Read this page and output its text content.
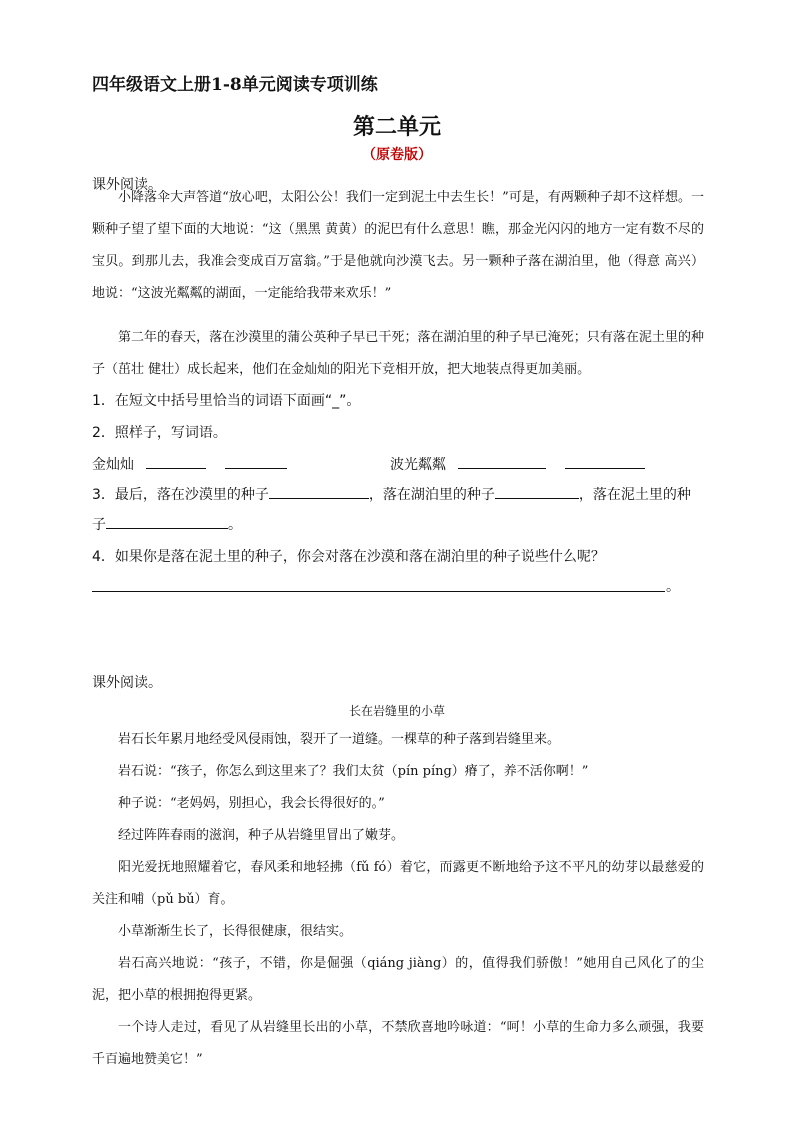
四年级语文上册1-8单元阅读专项训练
第二单元
（原卷版）
课外阅读。
小降落伞大声答道“放心吧，太阳公公！我们一定到泥土中去生长！”可是，有两颗种子却不这样想。一颗种子望了望下面的大地说：“这（黑黑 黄黄）的泥巴有什么意思！瞧，那金光闪闪的地方一定有数不尽的宝贝。到那儿去，我准会变成百万富翁。”于是他就向沙漠飞去。另一颗种子落在湖泊里，他（得意 高兴）地说：“这波光粼粼的湖面，一定能给我带来欢乐！”
第二年的春天，落在沙漠里的蒲公英种子早已干死；落在湖泊里的种子早已淹死；只有落在泥土里的种子（茁壮 健壮）成长起来，他们在金灿灿的阳光下竞相开放，把大地装点得更加美丽。
1．在短文中括号里恰当的词语下面画“_”。
2．照样子，写词语。
金灿灿	波光粼粼
3．最后，落在沙漠里的种子	，落在湖泊里的种子	，落在泥土里的种
子	。
4．如果你是落在泥土里的种子，你会对落在沙漠和落在湖泊里的种子说些什么呢？
。
课外阅读。
长在岩缝里的小草
岩石长年累月地经受风侵雨蚀，裂开了一道缝。一棵草的种子落到岩缝里来。
岩石说：“孩子，你怎么到这里来了？我们太贫（pín píng）瘠了，养不活你啊！”
种子说：“老妈妈，别担心，我会长得很好的。”
经过阵阵春雨的滋润，种子从岩缝里冒出了嫩芽。
阳光爱抚地照耀着它，春风柔和地轻拂（fǔ fó）着它，而露更不断地给予这不平凡的幼芽以最慈爱的关注和哺（pǔ bǔ）育。
小草渐渐生长了，长得很健康，很结实。
岩石高兴地说：“孩子，不错，你是倔强（qiáng jiàng）的，值得我们骄傲！”她用自己风化了的尘泥，把小草的根拥抱得更紧。
一个诗人走过，看见了从岩缝里长出的小草，不禁欣喜地吟咏道：“呵！小草的生命力多么顽强，我要千百遍地赞美它！”
